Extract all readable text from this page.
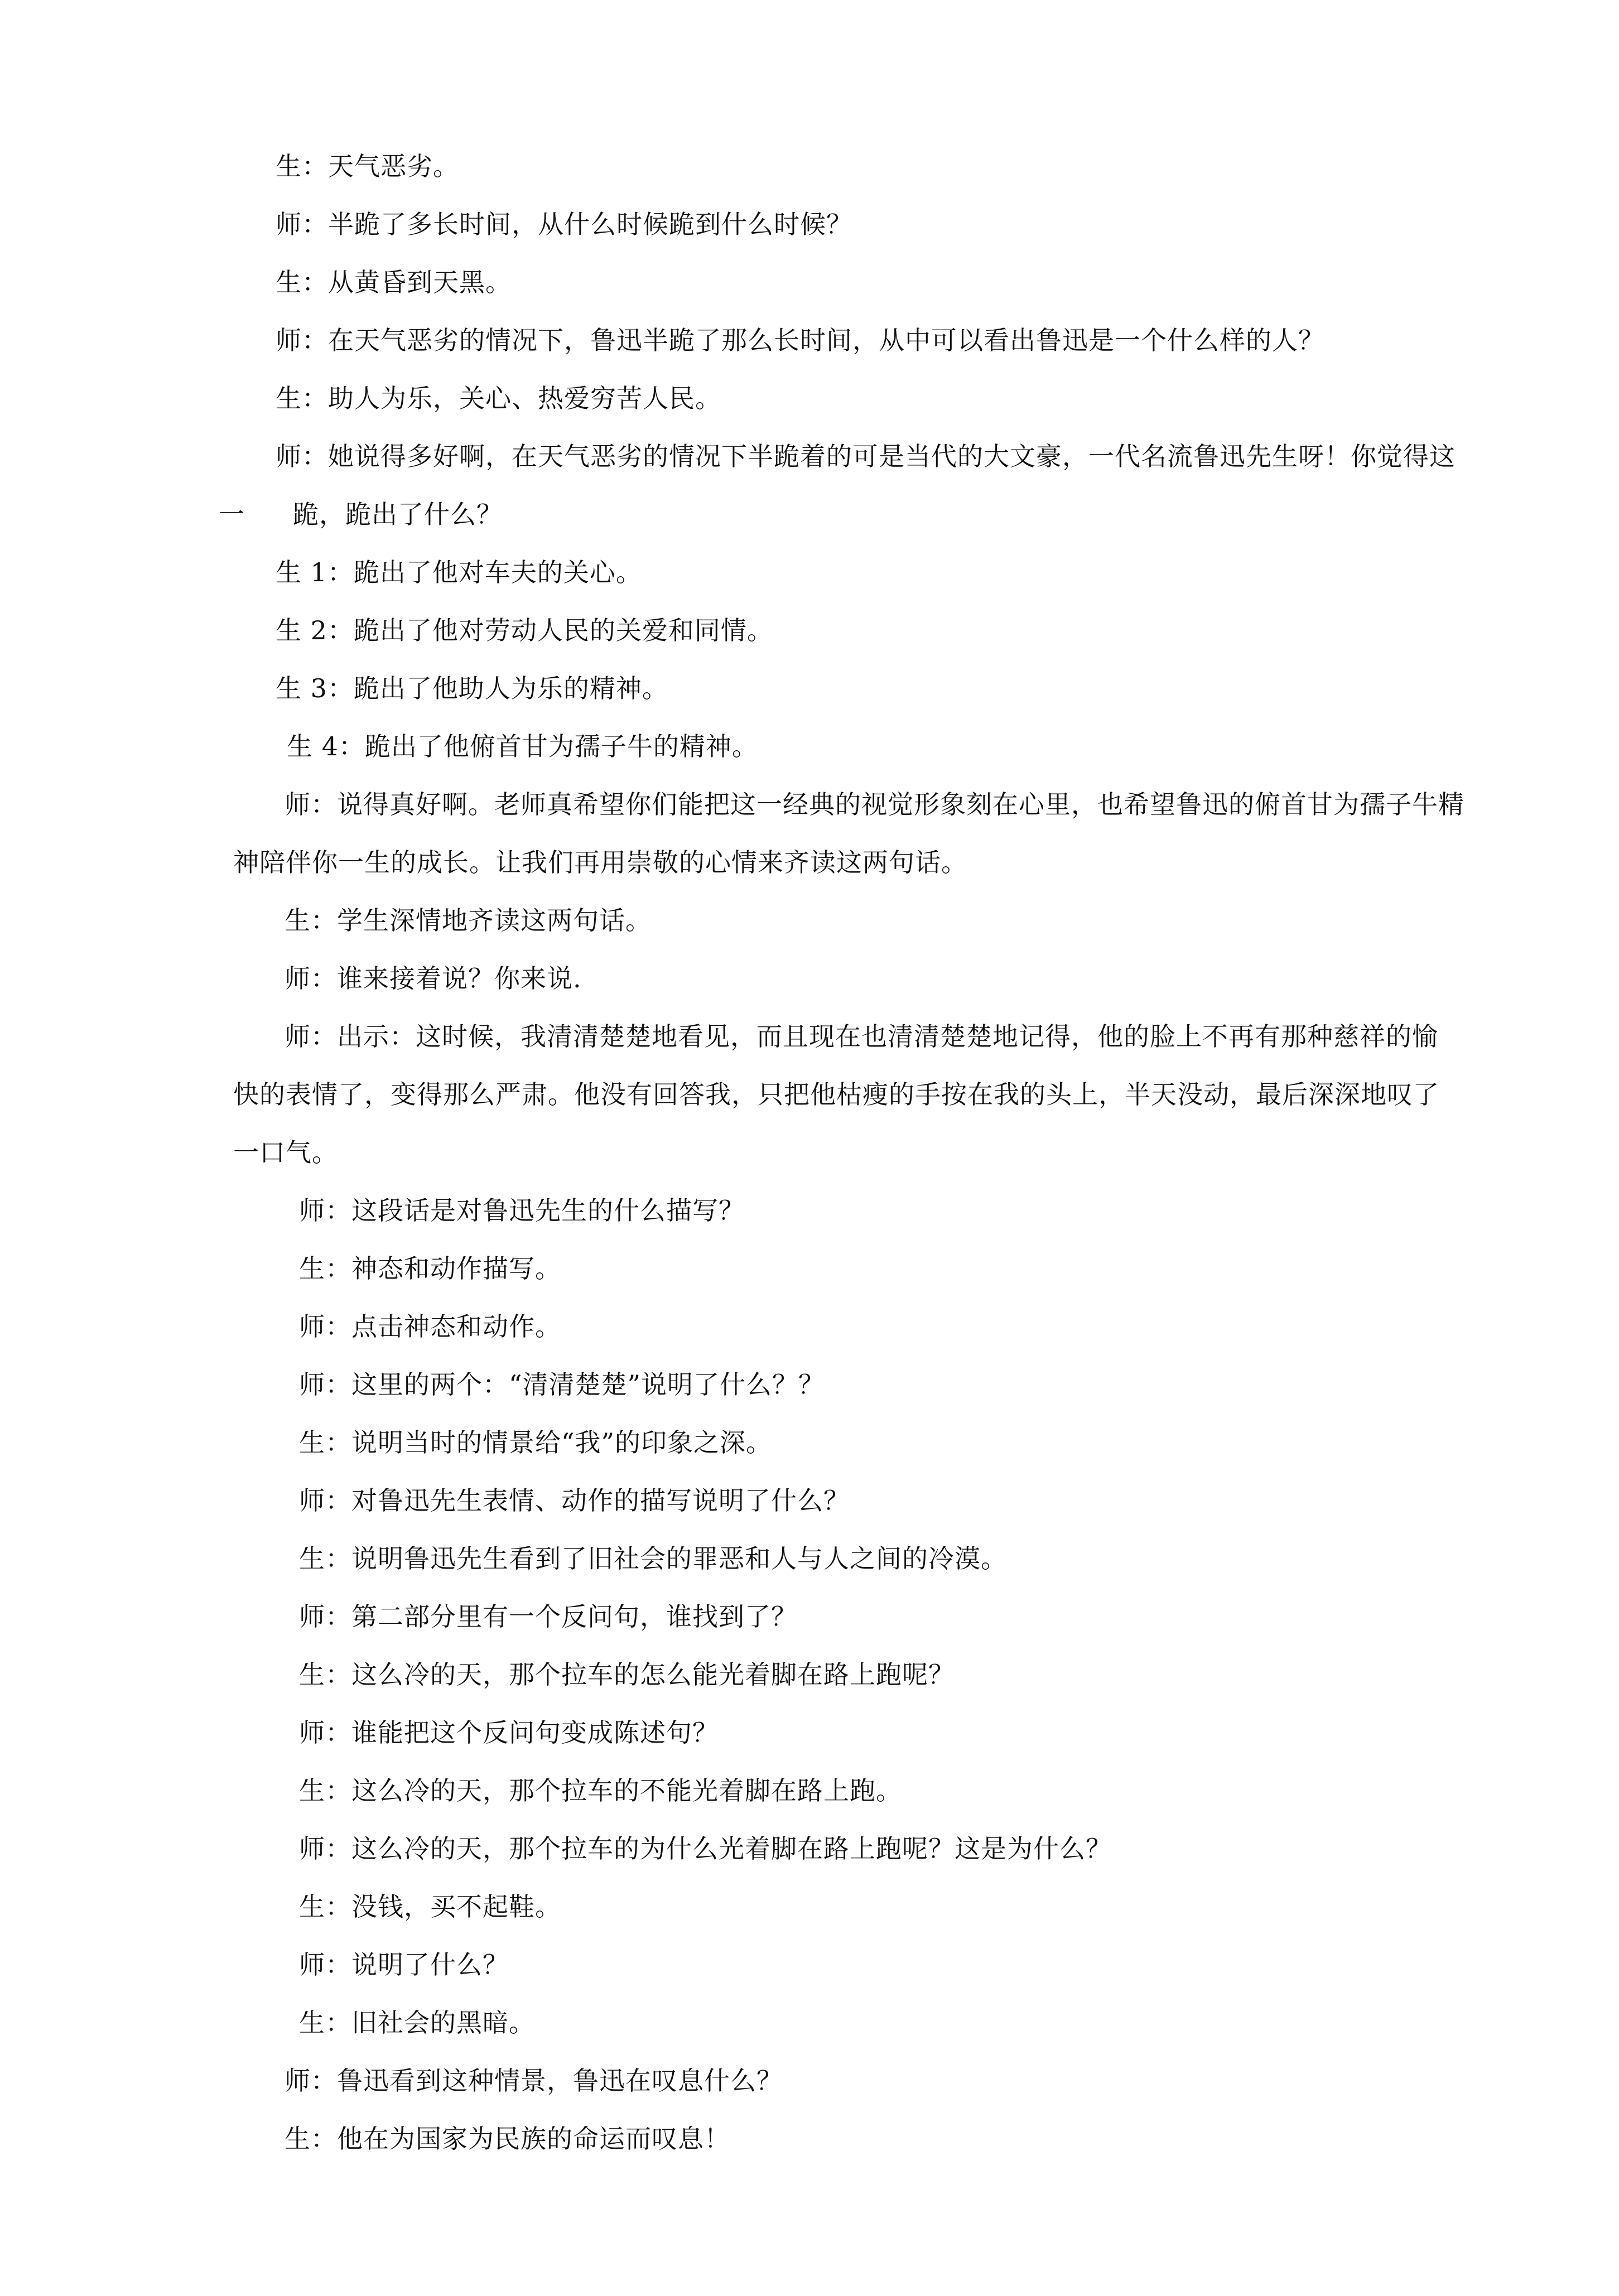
生：天气恶劣。
师：半跪了多长时间，从什么时候跪到什么时候？
生：从黄昏到天黑。
师：在天气恶劣的情况下，鲁迅半跪了那么长时间，从中可以看出鲁迅是一个什么样的人？
生：助人为乐，关心、热爱穷苦人民。
师：她说得多好啊，在天气恶劣的情况下半跪着的可是当代的大文豪，一代名流鲁迅先生呀！你觉得这
一 跪，跪出了什么？
生 1：跪出了他对车夫的关心。
生 2：跪出了他对劳动人民的关爱和同情。
生 3：跪出了他助人为乐的精神。
生 4：跪出了他俯首甘为孺子牛的精神。
师：说得真好啊。老师真希望你们能把这一经典的视觉形象刻在心里，也希望鲁迅的俯首甘为孺子牛精
神陪伴你一生的成长。让我们再用崇敬的心情来齐读这两句话。
生：学生深情地齐读这两句话。
师：谁来接着说？你来说.
师：出示：这时候，我清清楚楚地看见，而且现在也清清楚楚地记得，他的脸上不再有那种慈祥的愉
快的表情了，变得那么严肃。他没有回答我，只把他枯瘦的手按在我的头上，半天没动，最后深深地叹了
一口气。
师：这段话是对鲁迅先生的什么描写？
生：神态和动作描写。
师：点击神态和动作。
师：这里的两个：“清清楚楚”说明了什么？？
生：说明当时的情景给“我”的印象之深。
师：对鲁迅先生表情、动作的描写说明了什么？
生：说明鲁迅先生看到了旧社会的罪恶和人与人之间的冷漠。
师：第二部分里有一个反问句，谁找到了？
生：这么冷的天，那个拉车的怎么能光着脚在路上跑呢？
师：谁能把这个反问句变成陈述句？
生：这么冷的天，那个拉车的不能光着脚在路上跑。
师：这么冷的天，那个拉车的为什么光着脚在路上跑呢？这是为什么？
生：没钱，买不起鞋。
师：说明了什么？
生：旧社会的黑暗。
师：鲁迅看到这种情景，鲁迅在叹息什么？
生：他在为国家为民族的命运而叹息！
